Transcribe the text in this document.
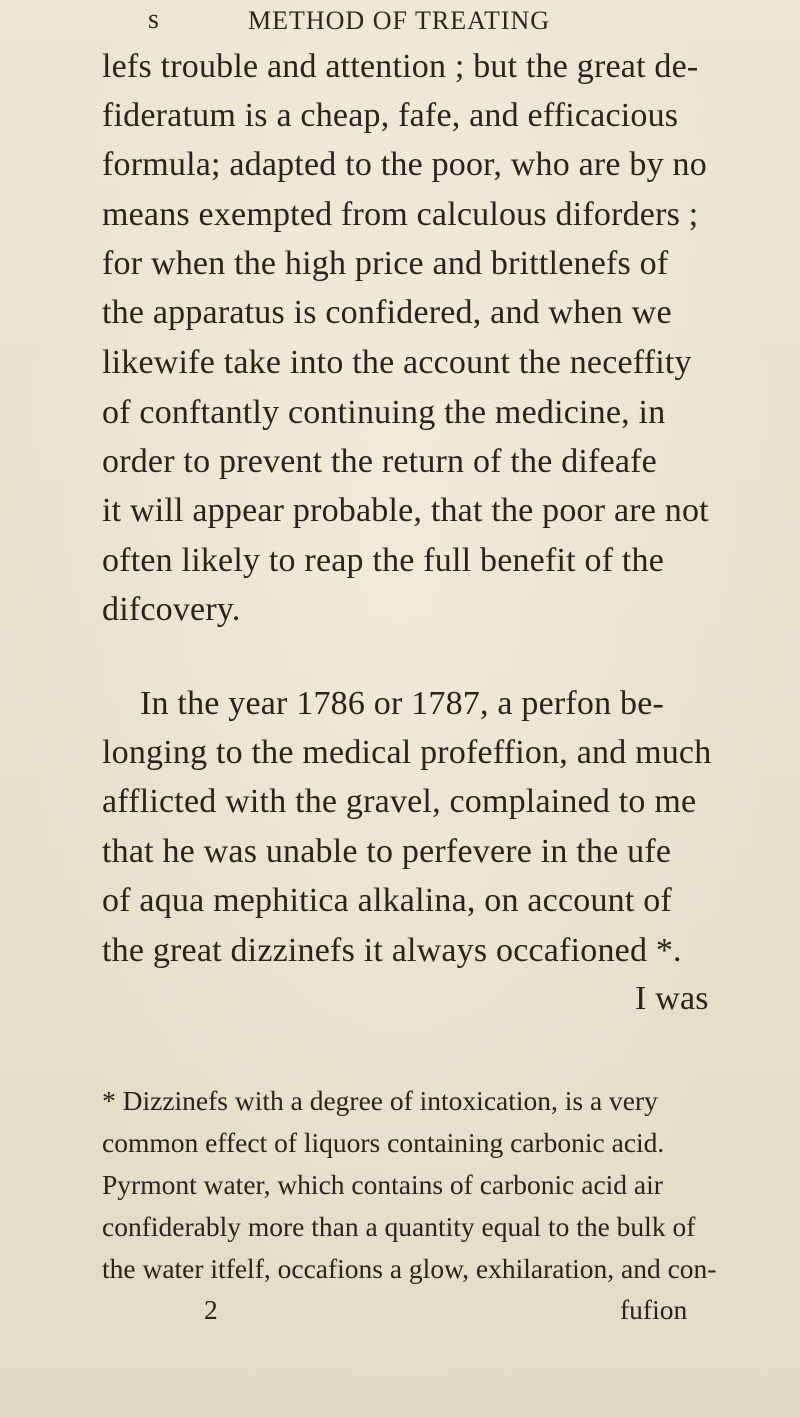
s	METHOD OF TREATING
lefs trouble and attention ; but the great de-
fideratum is a cheap, fafe, and efficacious
formula; adapted to the poor, who are by no
means exempted from calculous diforders ;
for when the high price and brittlenefs of
the apparatus is confidered, and when we
likewife take into the account the neceffity
of conftantly continuing the medicine, in
order to prevent the return of the difeafe
it will appear probable, that the poor are not
often likely to reap the full benefit of the
difcovery.
In the year 1786 or 1787, a perfon be-
longing to the medical profeffion, and much
afflicted with the gravel, complained to me
that he was unable to perfevere in the ufe
of aqua mephitica alkalina, on account of
the great dizzinefs it always occafioned *.
I was
* Dizzinefs with a degree of intoxication, is a very
common effect of liquors containing carbonic acid.
Pyrmont water, which contains of carbonic acid air
confiderably more than a quantity equal to the bulk of
the water itfelf, occafions a glow, exhilaration, and con-
2	fufion
